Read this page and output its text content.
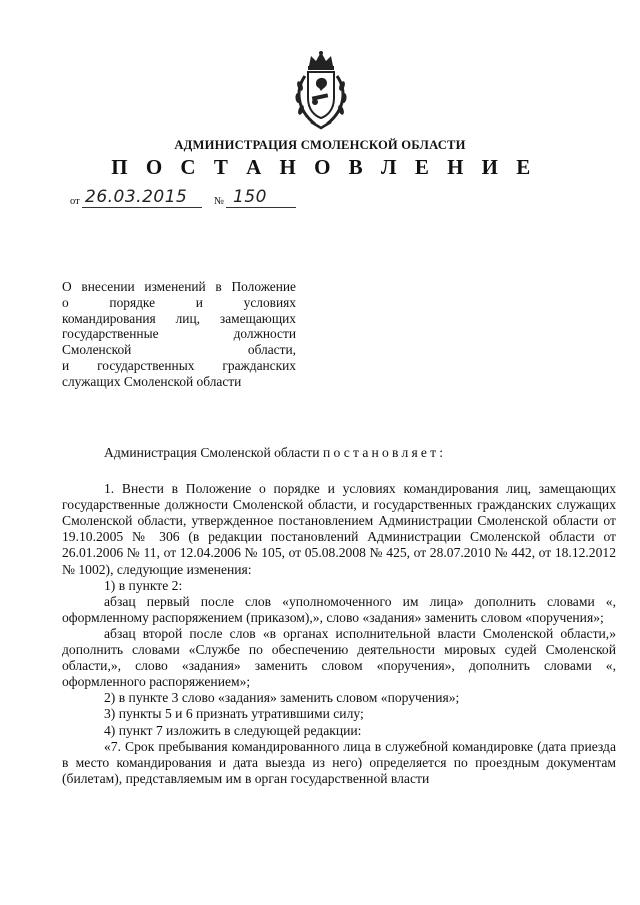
АДМИНИСТРАЦИЯ СМОЛЕНСКОЙ ОБЛАСТИ
П О С Т А Н О В Л Е Н И Е
от 26.03.2015	№ 150
О внесении изменений в Положение
о порядке и условиях
командирования лиц, замещающих
государственные должности
Смоленской области,
и государственных гражданских
служащих Смоленской области
Администрация Смоленской области постановляет:
1. Внести в Положение о порядке и условиях командирования лиц, замещающих государственные должности Смоленской области, и государственных гражданских служащих Смоленской области, утвержденное постановлением Администрации Смоленской области от 19.10.2005 № 306 (в редакции постановлений Администрации Смоленской области от 26.01.2006 № 11, от 12.04.2006 № 105, от 05.08.2008 № 425, от 28.07.2010 № 442, от 18.12.2012 № 1002), следующие изменения:
1) в пункте 2:
абзац первый после слов «уполномоченного им лица» дополнить словами «, оформленному распоряжением (приказом),», слово «задания» заменить словом «поручения»;
абзац второй после слов «в органах исполнительной власти Смоленской области,» дополнить словами «Службе по обеспечению деятельности мировых судей Смоленской области,», слово «задания» заменить словом «поручения», дополнить словами «, оформленного распоряжением»;
2) в пункте 3 слово «задания» заменить словом «поручения»;
3) пункты 5 и 6 признать утратившими силу;
4) пункт 7 изложить в следующей редакции:
«7. Срок пребывания командированного лица в служебной командировке (дата приезда в место командирования и дата выезда из него) определяется по проездным документам (билетам), представляемым им в орган государственной власти
